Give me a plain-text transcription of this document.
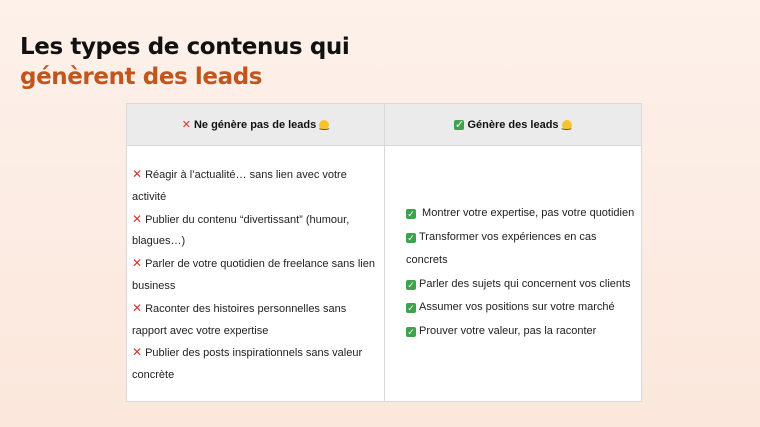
Les types de contenus qui
génèrent des leads
✕ Ne génère pas de leads ‿	✓ Génère des leads ‿
✕ Réagir à l’actualité… sans lien avec votre activité
✕ Publier du contenu “divertissant” (humour, blagues…)
✕ Parler de votre quotidien de freelance sans lien business
✕ Raconter des histoires personnelles sans rapport avec votre expertise
✕ Publier des posts inspirationnels sans valeur concrète
✓ Montrer votre expertise, pas votre quotidien
✓ Transformer vos expériences en cas concrets
✓ Parler des sujets qui concernent vos clients
✓ Assumer vos positions sur votre marché
✓ Prouver votre valeur, pas la raconter
